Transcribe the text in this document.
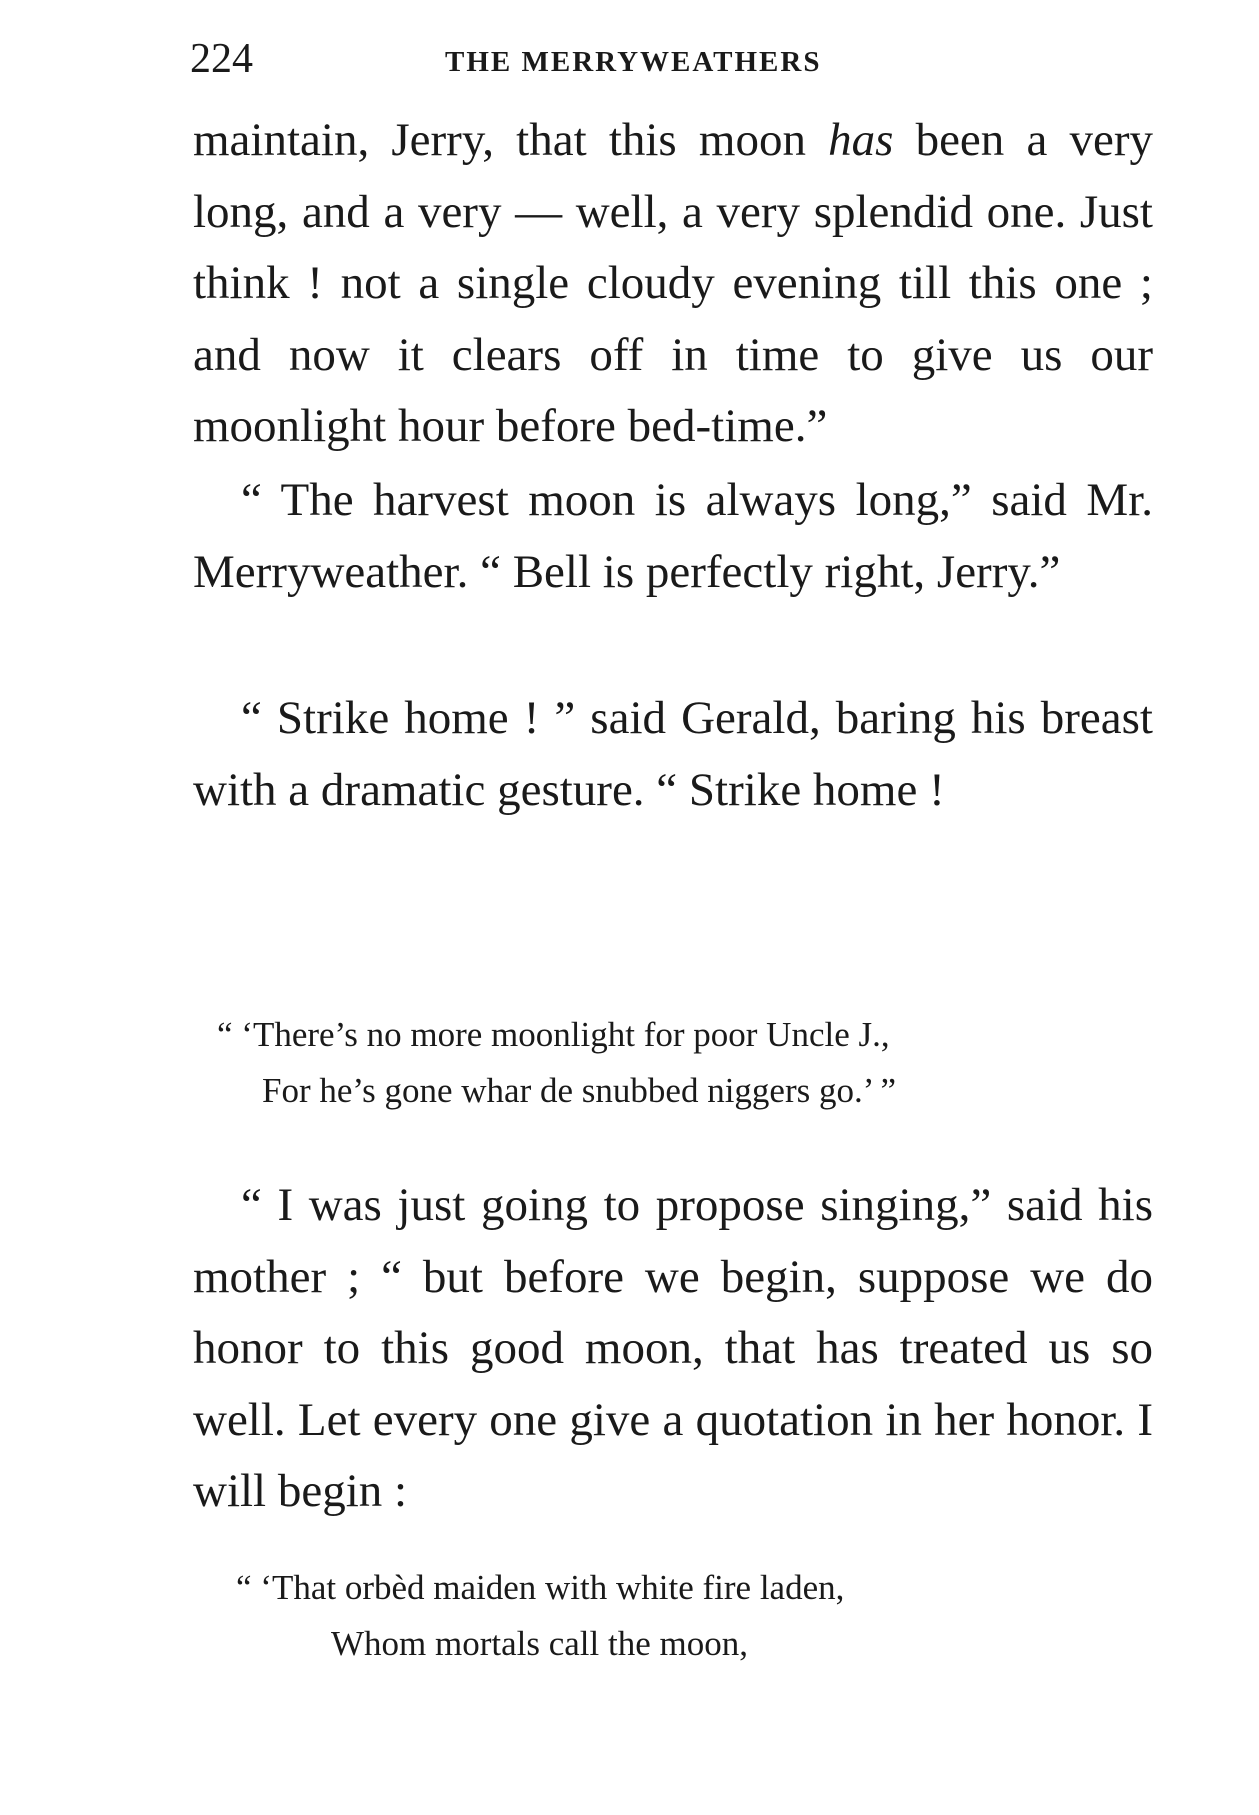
224	THE MERRYWEATHERS

maintain, Jerry, that this moon has been a very long, and a very — well, a very splendid one. Just think ! not a single cloudy evening till this one ; and now it clears off in time to give us our moonlight hour before bed-time.”

“ The harvest moon is always long,” said Mr. Merryweather. “ Bell is perfectly right, Jerry.”

“ Strike home ! ” said Gerald, baring his breast with a dramatic gesture. “ Strike home !

“ ‘There’s no more moonlight for poor Uncle J.,
For he’s gone whar de snubbed niggers go.’ ”

“ I was just going to propose singing,” said his mother ; “ but before we begin, suppose we do honor to this good moon, that has treated us so well. Let every one give a quotation in her honor. I will begin :

“ ‘That orbèd maiden with white fire laden,
Whom mortals call the moon,
